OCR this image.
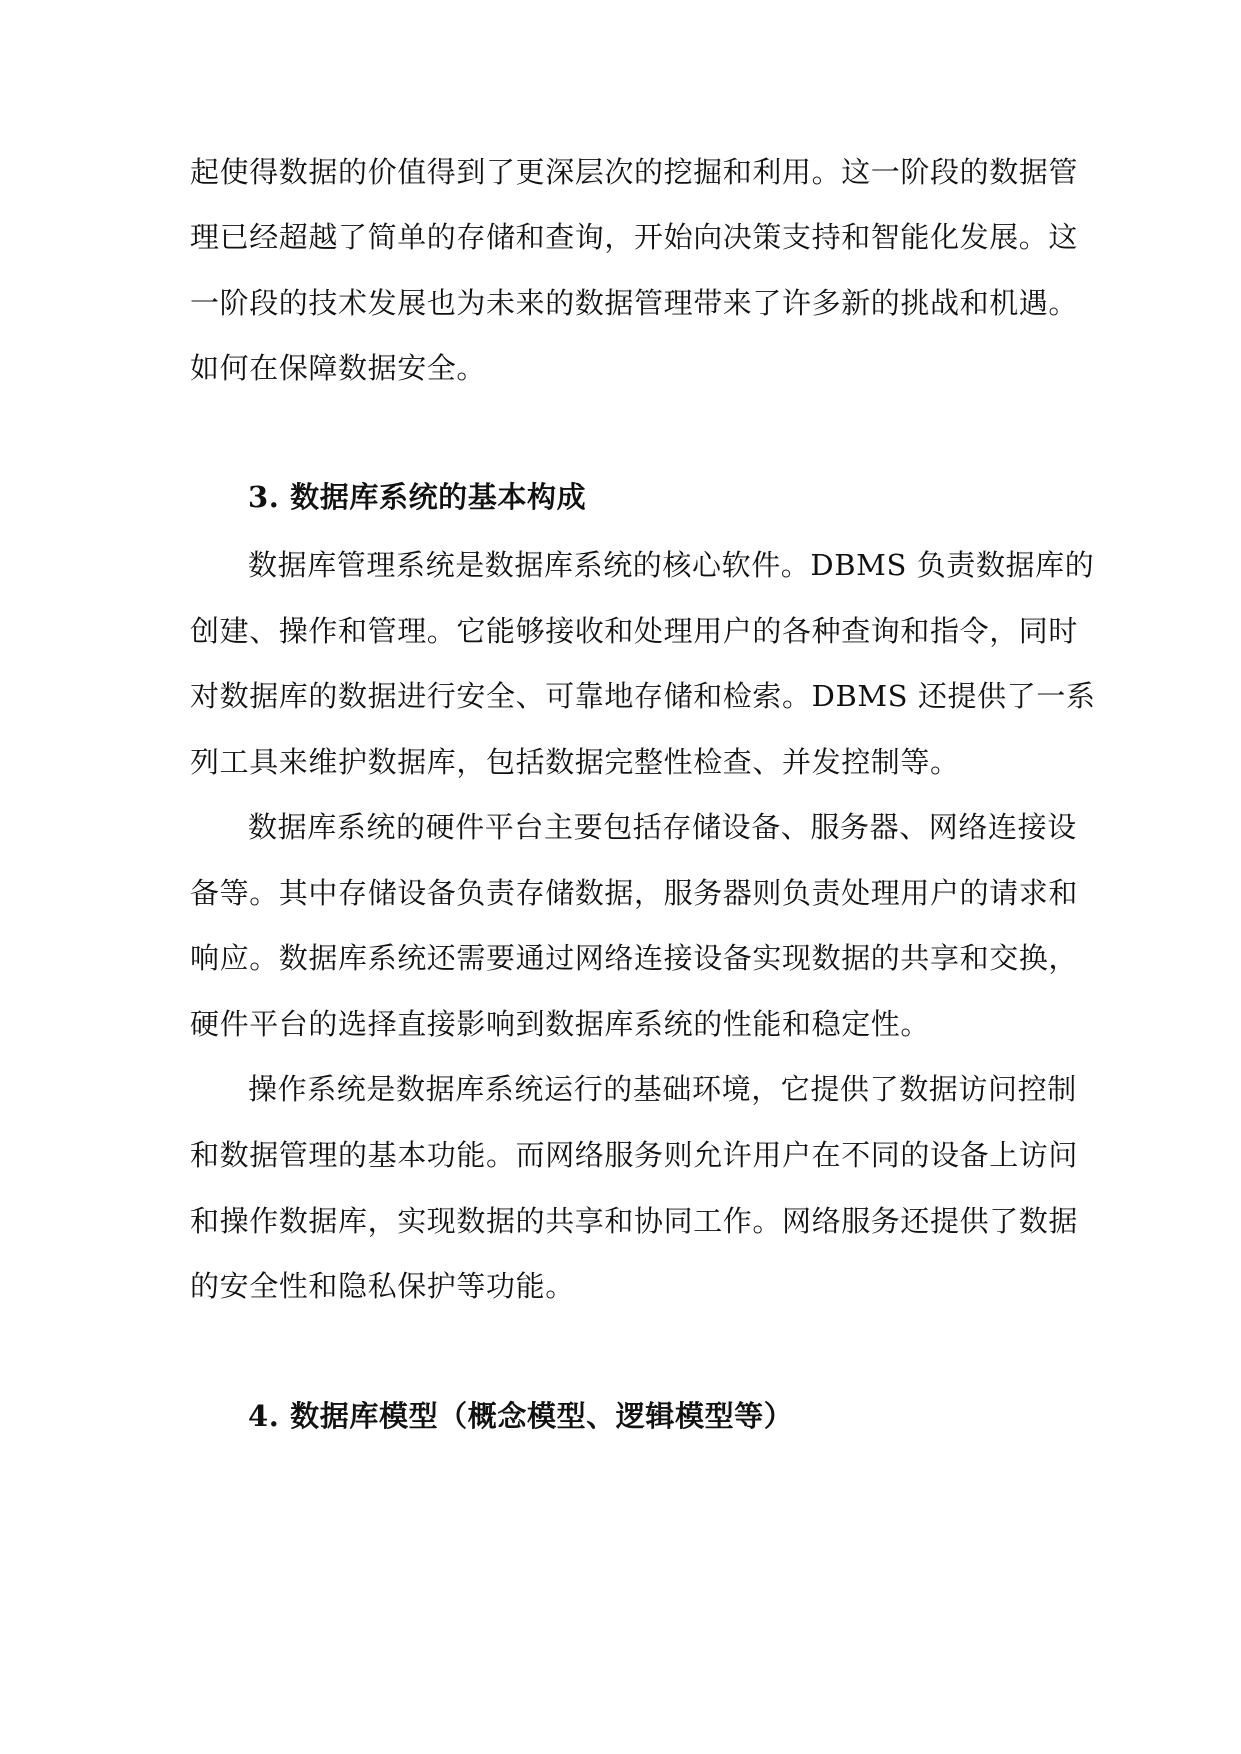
起使得数据的价值得到了更深层次的挖掘和利用。这一阶段的数据管
理已经超越了简单的存储和查询，开始向决策支持和智能化发展。这
一阶段的技术发展也为未来的数据管理带来了许多新的挑战和机遇。
如何在保障数据安全。
3. 数据库系统的基本构成
数据库管理系统是数据库系统的核心软件。DBMS 负责数据库的
创建、操作和管理。它能够接收和处理用户的各种查询和指令，同时
对数据库的数据进行安全、可靠地存储和检索。DBMS 还提供了一系
列工具来维护数据库，包括数据完整性检查、并发控制等。
数据库系统的硬件平台主要包括存储设备、服务器、网络连接设
备等。其中存储设备负责存储数据，服务器则负责处理用户的请求和
响应。数据库系统还需要通过网络连接设备实现数据的共享和交换，
硬件平台的选择直接影响到数据库系统的性能和稳定性。
操作系统是数据库系统运行的基础环境，它提供了数据访问控制
和数据管理的基本功能。而网络服务则允许用户在不同的设备上访问
和操作数据库，实现数据的共享和协同工作。网络服务还提供了数据
的安全性和隐私保护等功能。
4. 数据库模型（概念模型、逻辑模型等）
